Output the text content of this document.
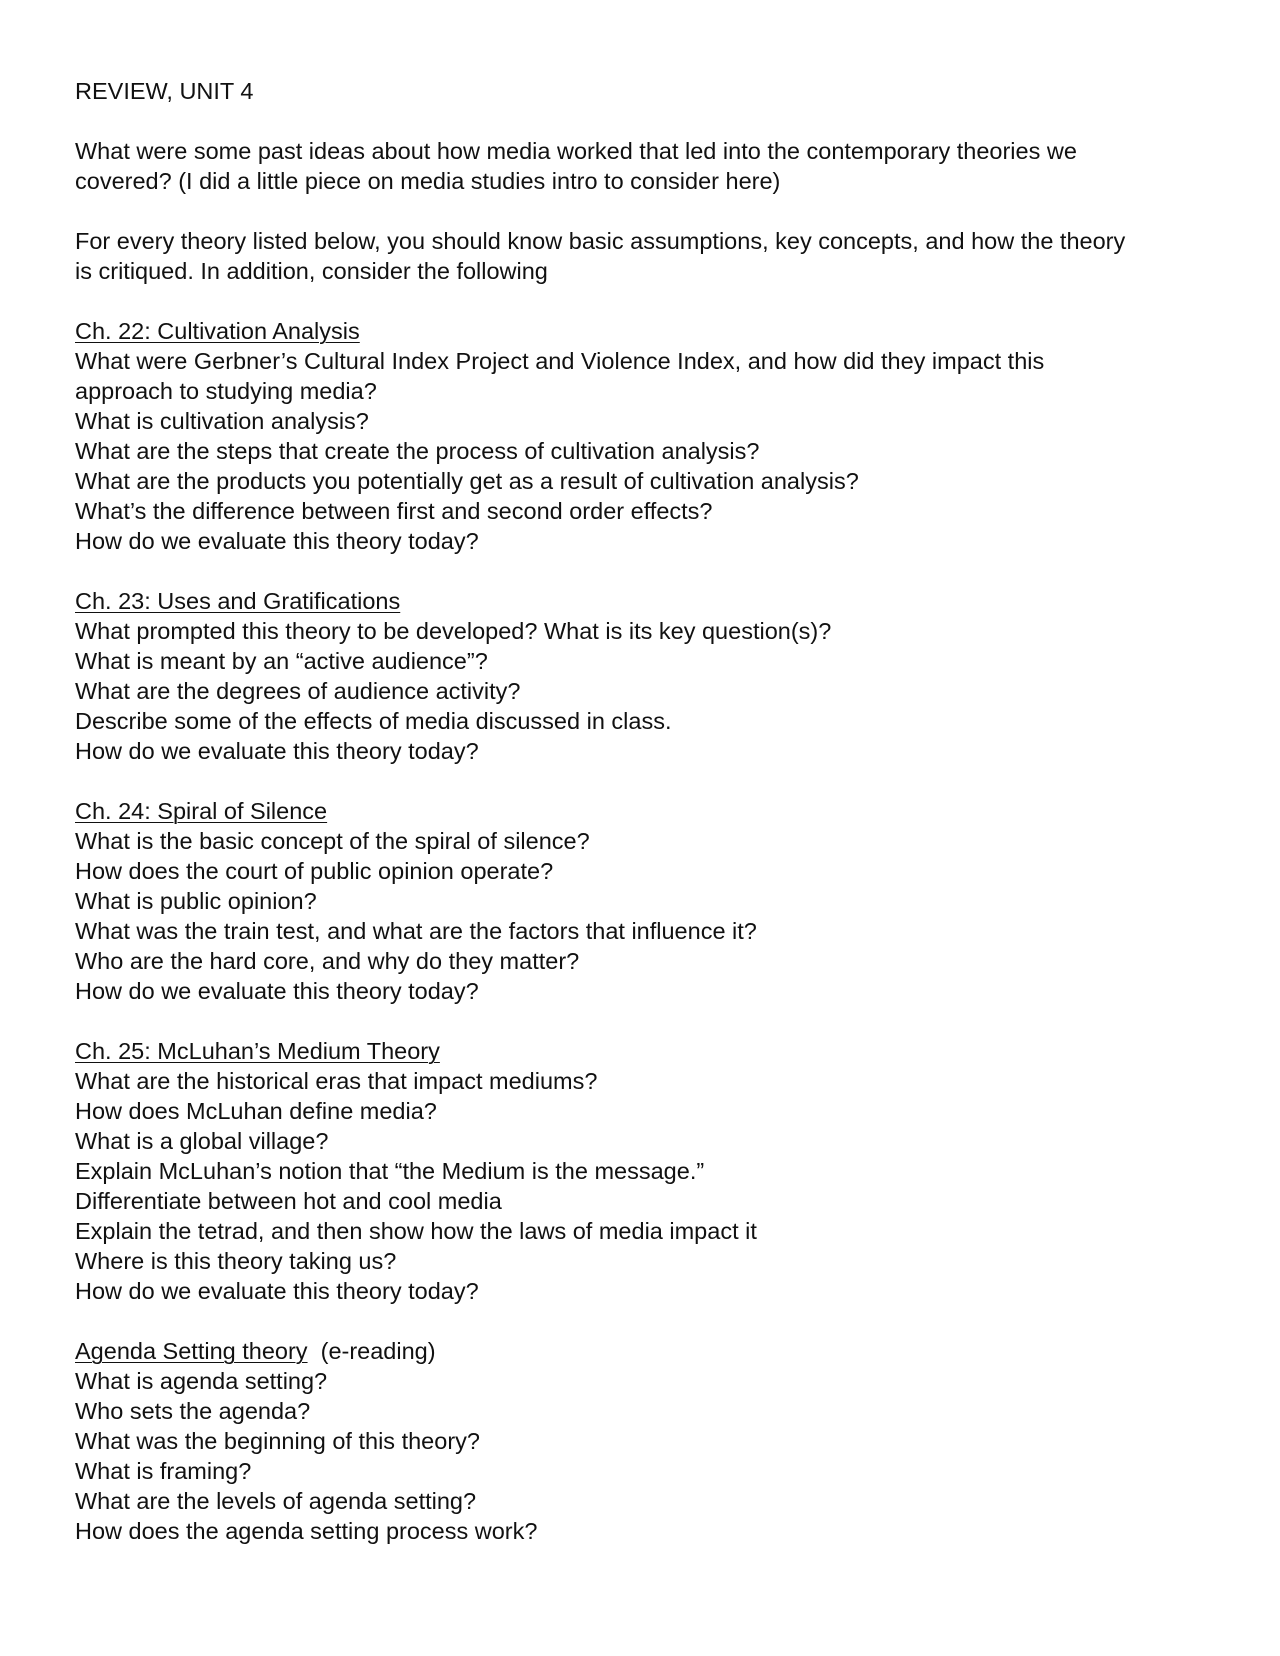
REVIEW, UNIT 4
What were some past ideas about how media worked that led into the contemporary theories we
covered? (I did a little piece on media studies intro to consider here)
For every theory listed below, you should know basic assumptions, key concepts, and how the theory
is critiqued. In addition, consider the following
Ch. 22: Cultivation Analysis
What were Gerbner’s Cultural Index Project and Violence Index, and how did they impact this
approach to studying media?
What is cultivation analysis?
What are the steps that create the process of cultivation analysis?
What are the products you potentially get as a result of cultivation analysis?
What’s the difference between first and second order effects?
How do we evaluate this theory today?
Ch. 23: Uses and Gratifications
What prompted this theory to be developed? What is its key question(s)?
What is meant by an “active audience”?
What are the degrees of audience activity?
Describe some of the effects of media discussed in class.
How do we evaluate this theory today?
Ch. 24: Spiral of Silence
What is the basic concept of the spiral of silence?
How does the court of public opinion operate?
What is public opinion?
What was the train test, and what are the factors that influence it?
Who are the hard core, and why do they matter?
How do we evaluate this theory today?
Ch. 25: McLuhan’s Medium Theory
What are the historical eras that impact mediums?
How does McLuhan define media?
What is a global village?
Explain McLuhan’s notion that “the Medium is the message.”
Differentiate between hot and cool media
Explain the tetrad, and then show how the laws of media impact it
Where is this theory taking us?
How do we evaluate this theory today?
Agenda Setting theory (e-reading)
What is agenda setting?
Who sets the agenda?
What was the beginning of this theory?
What is framing?
What are the levels of agenda setting?
How does the agenda setting process work?
